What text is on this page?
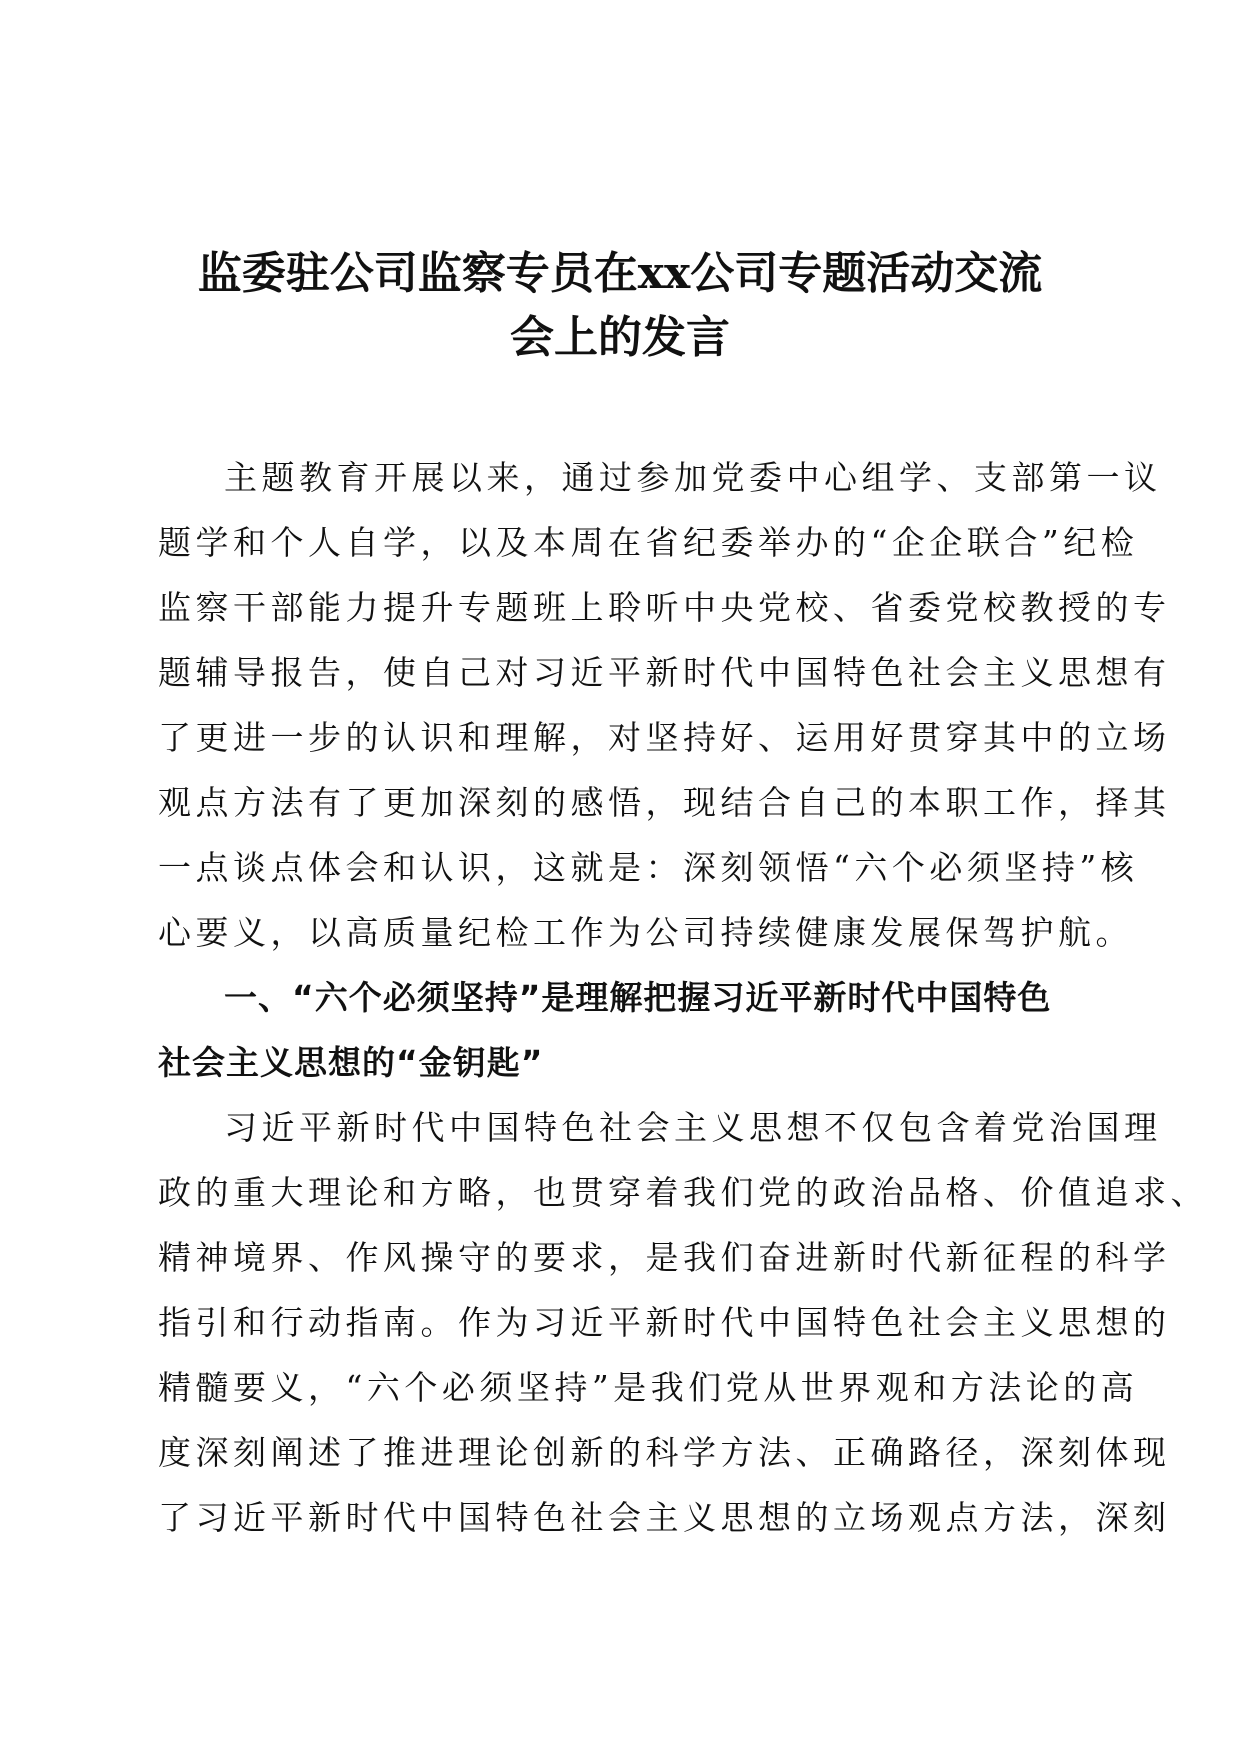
监委驻公司监察专员在xx公司专题活动交流
会上的发言
主题教育开展以来，通过参加党委中心组学、支部第一议
题学和个人自学，以及本周在省纪委举办的“企企联合”纪检
监察干部能力提升专题班上聆听中央党校、省委党校教授的专
题辅导报告，使自己对习近平新时代中国特色社会主义思想有
了更进一步的认识和理解，对坚持好、运用好贯穿其中的立场
观点方法有了更加深刻的感悟，现结合自己的本职工作，择其
一点谈点体会和认识，这就是：深刻领悟“六个必须坚持”核
心要义，以高质量纪检工作为公司持续健康发展保驾护航。
一、“六个必须坚持”是理解把握习近平新时代中国特色
社会主义思想的“金钥匙”
习近平新时代中国特色社会主义思想不仅包含着党治国理
政的重大理论和方略，也贯穿着我们党的政治品格、价值追求、
精神境界、作风操守的要求，是我们奋进新时代新征程的科学
指引和行动指南。作为习近平新时代中国特色社会主义思想的
精髓要义，“六个必须坚持”是我们党从世界观和方法论的高
度深刻阐述了推进理论创新的科学方法、正确路径，深刻体现
了习近平新时代中国特色社会主义思想的立场观点方法，深刻
